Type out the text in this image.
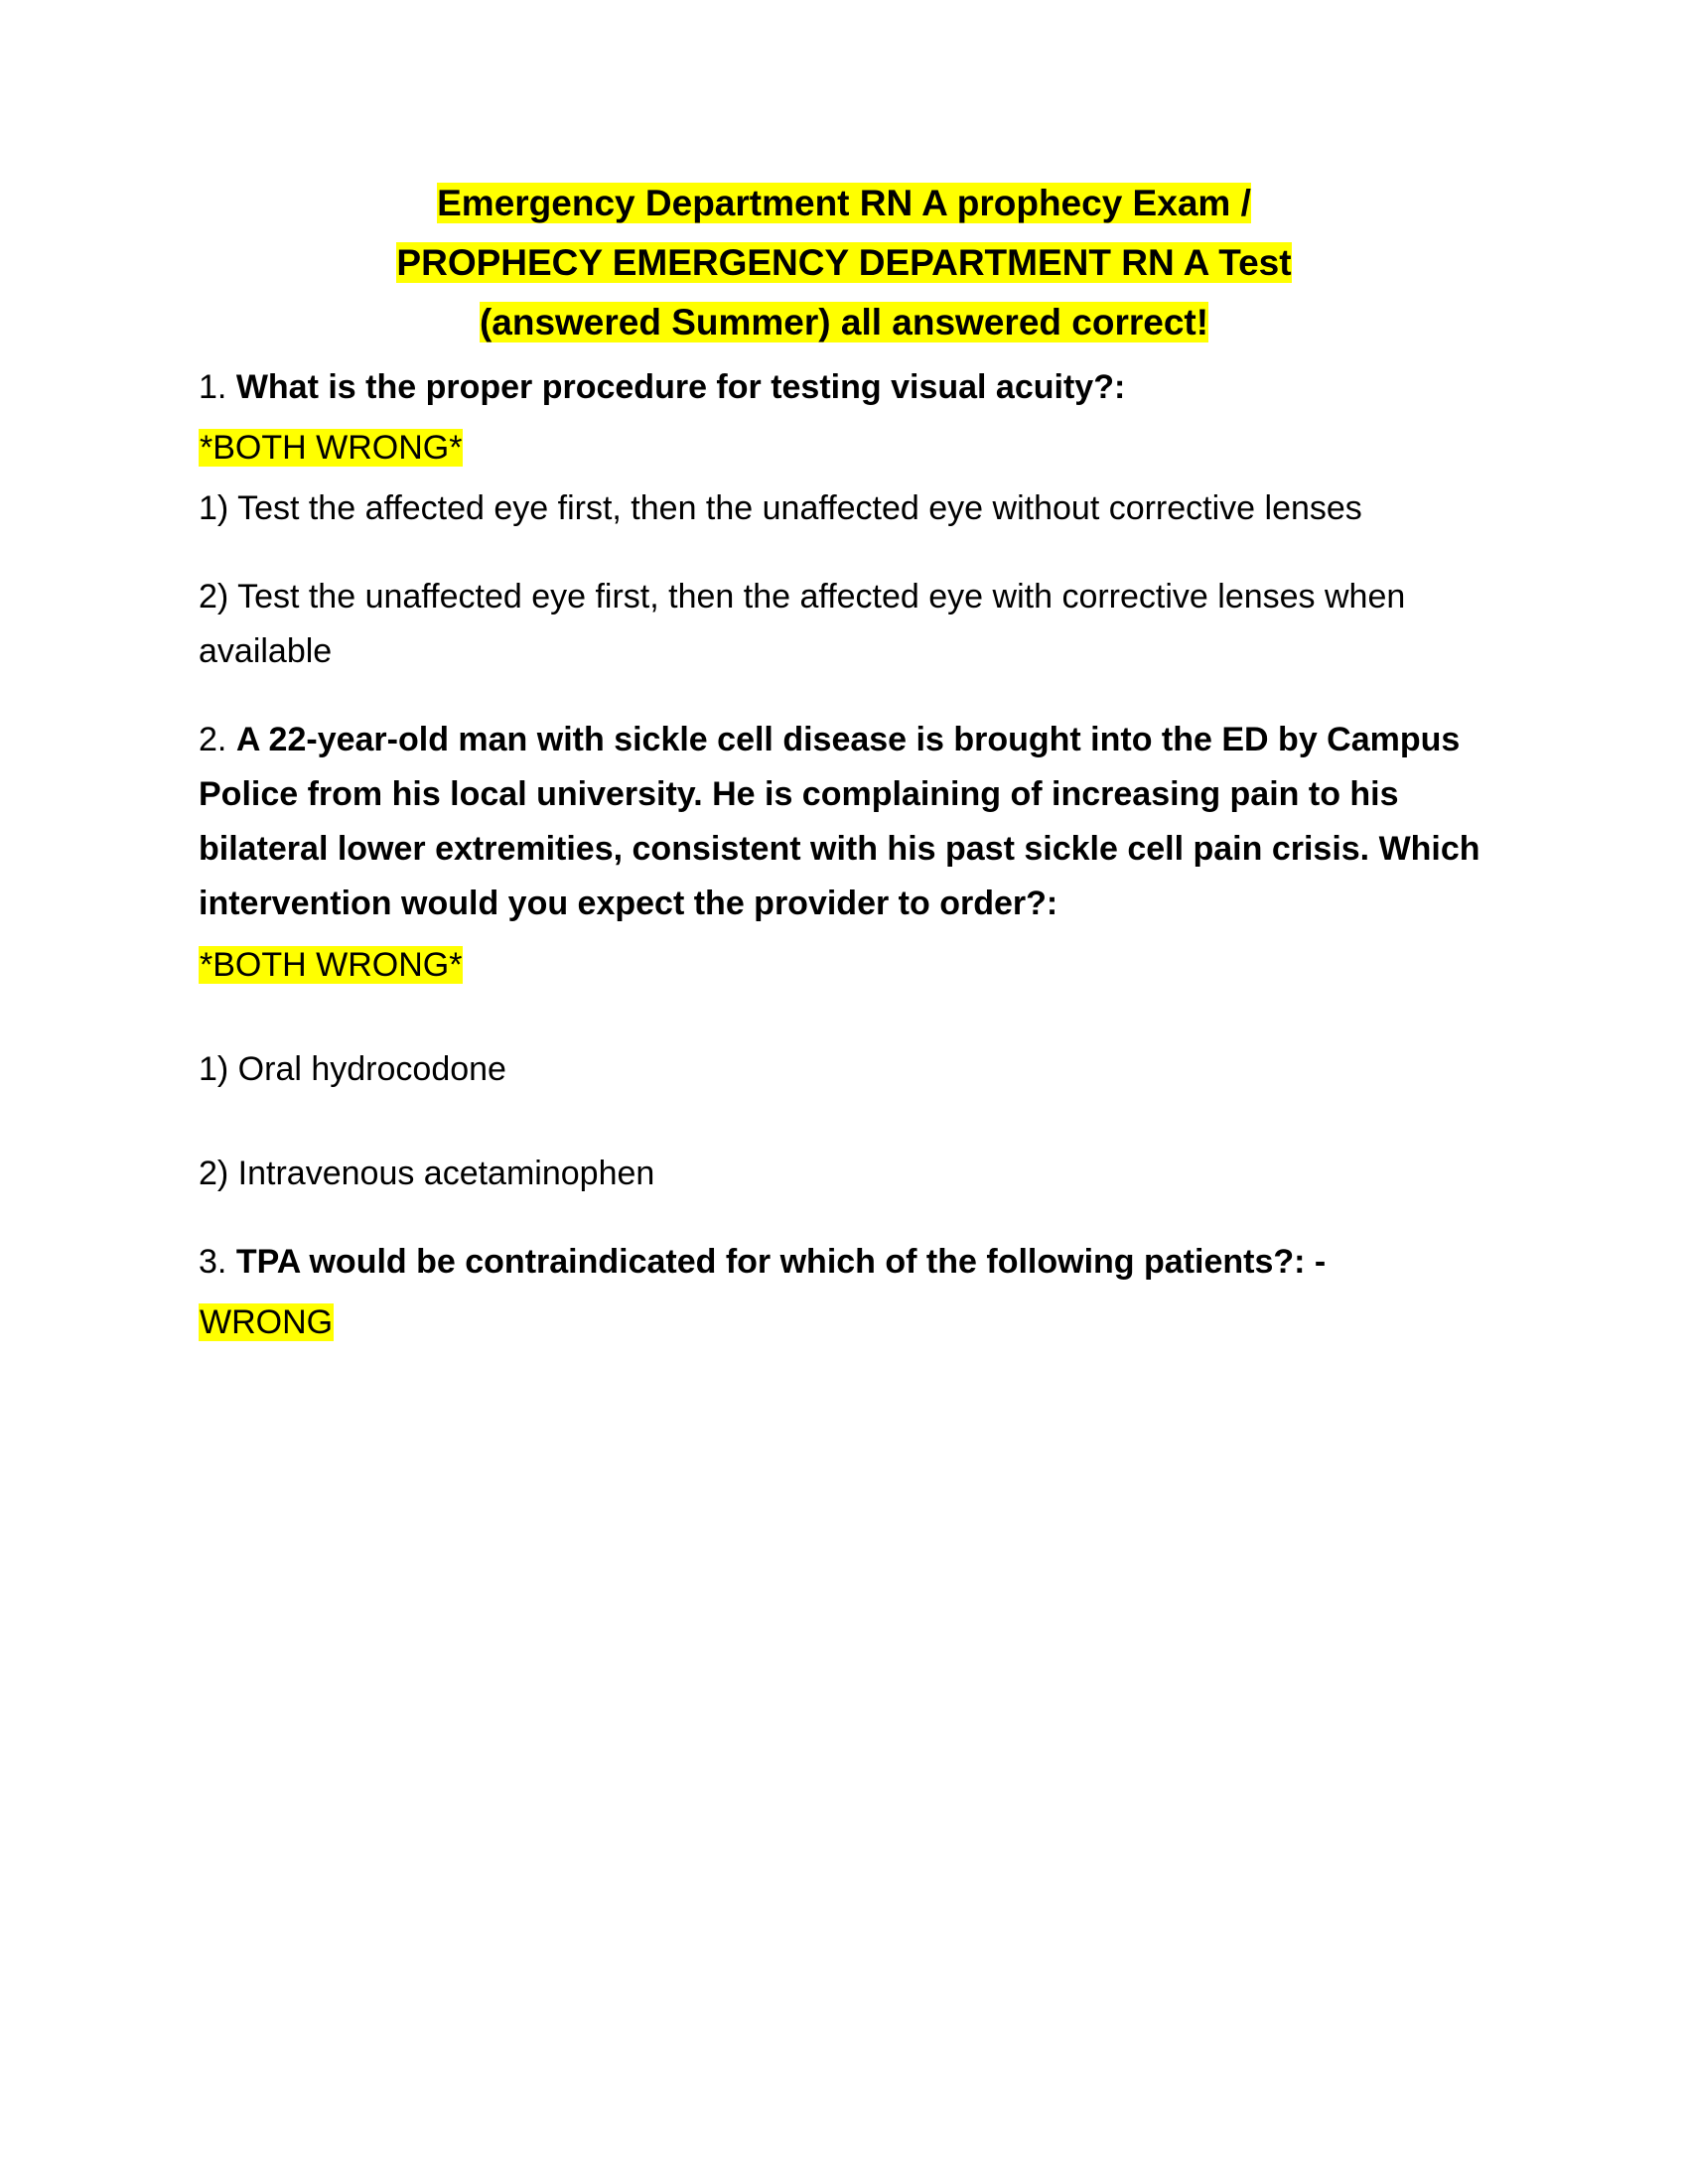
Emergency Department RN A prophecy Exam /
PROPHECY EMERGENCY DEPARTMENT RN A Test
(answered Summer) all answered correct!

1. What is the proper procedure for testing visual acuity?:

*BOTH WRONG*

1) Test the affected eye first, then the unaffected eye without corrective lenses

2) Test the unaffected eye first, then the affected eye with corrective lenses when available

2. A 22-year-old man with sickle cell disease is brought into the ED by Campus Police from his local university. He is complaining of increasing pain to his bilateral lower extremities, consistent with his past sickle cell pain crisis. Which intervention would you expect the provider to order?:

*BOTH WRONG*

1) Oral hydrocodone

2) Intravenous acetaminophen

3. TPA would be contraindicated for which of the following patients?: -

WRONG
